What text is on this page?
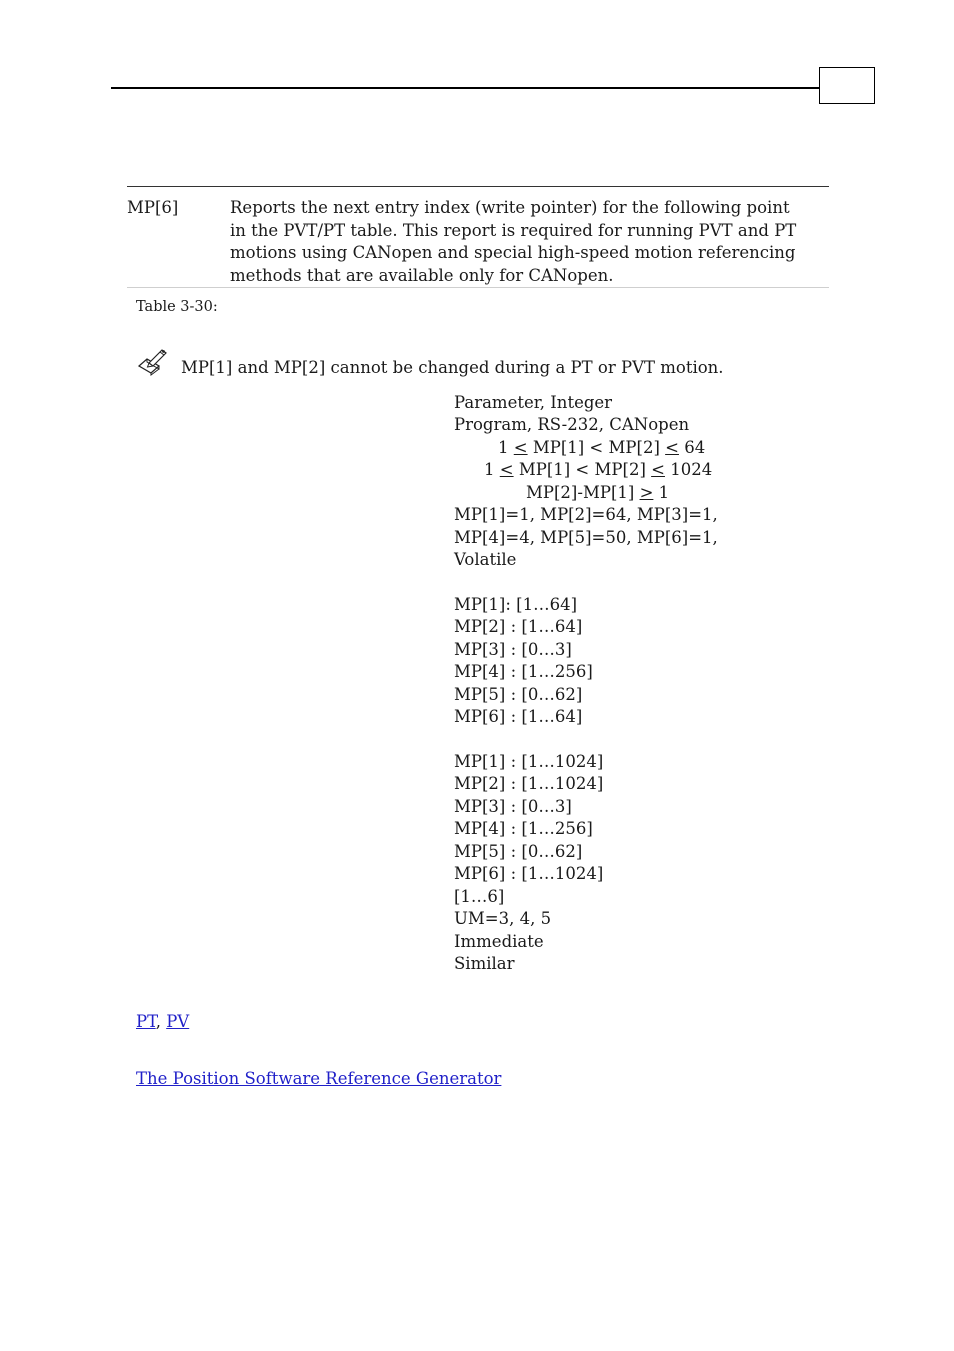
MP[6]	Reports the next entry index (write pointer) for the following point in the PVT/PT table. This report is required for running PVT and PT motions using CANopen and special high-speed motion referencing methods that are available only for CANopen.
Table 3-30:
MP[1] and MP[2] cannot be changed during a PT or PVT motion.
Parameter, Integer
Program, RS-232, CANopen
1 < MP[1] < MP[2] < 64
1 < MP[1] < MP[2] < 1024
MP[2]-MP[1] > 1
MP[1]=1, MP[2]=64, MP[3]=1,
MP[4]=4, MP[5]=50, MP[6]=1,
Volatile
MP[1]: [1…64]
MP[2] : [1…64]
MP[3] : [0…3]
MP[4] : [1…256]
MP[5] : [0…62]
MP[6] : [1…64]
MP[1] : [1…1024]
MP[2] : [1…1024]
MP[3] : [0…3]
MP[4] : [1…256]
MP[5] : [0…62]
MP[6] : [1…1024]
[1…6]
UM=3, 4, 5
Immediate
Similar
PT, PV
The Position Software Reference Generator
